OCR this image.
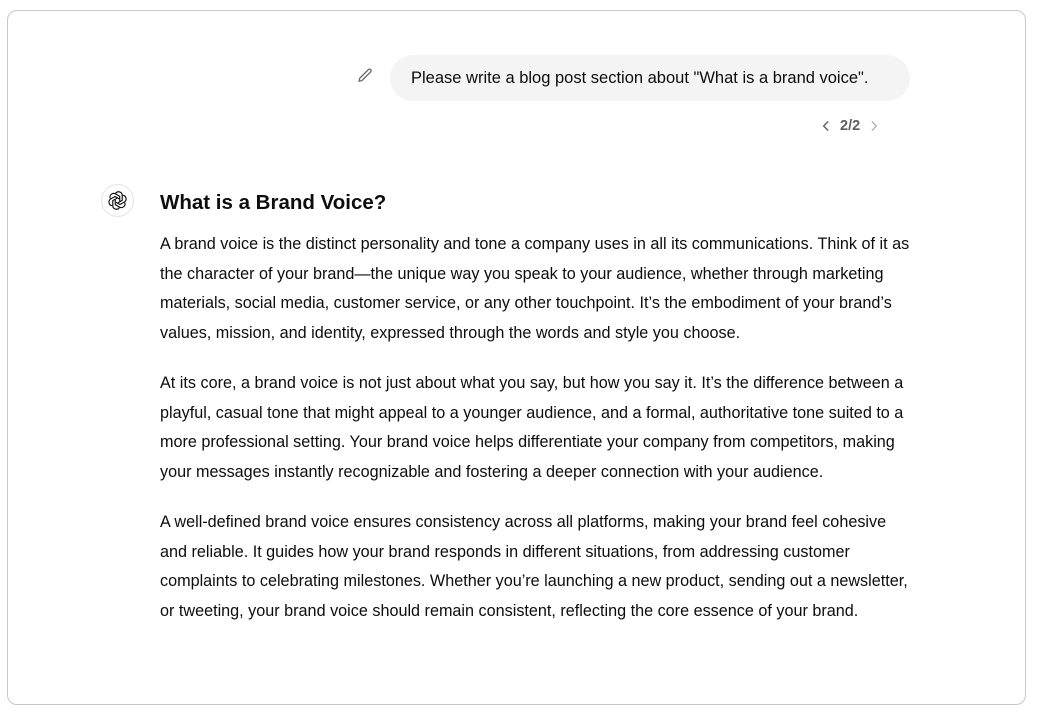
Please write a blog post section about "What is a brand voice".
2/2
What is a Brand Voice?

A brand voice is the distinct personality and tone a company uses in all its communications. Think of it as the character of your brand—the unique way you speak to your audience, whether through marketing materials, social media, customer service, or any other touchpoint. It’s the embodiment of your brand’s values, mission, and identity, expressed through the words and style you choose.

At its core, a brand voice is not just about what you say, but how you say it. It’s the difference between a playful, casual tone that might appeal to a younger audience, and a formal, authoritative tone suited to a more professional setting. Your brand voice helps differentiate your company from competitors, making your messages instantly recognizable and fostering a deeper connection with your audience.

A well-defined brand voice ensures consistency across all platforms, making your brand feel cohesive and reliable. It guides how your brand responds in different situations, from addressing customer complaints to celebrating milestones. Whether you’re launching a new product, sending out a newsletter, or tweeting, your brand voice should remain consistent, reflecting the core essence of your brand.
